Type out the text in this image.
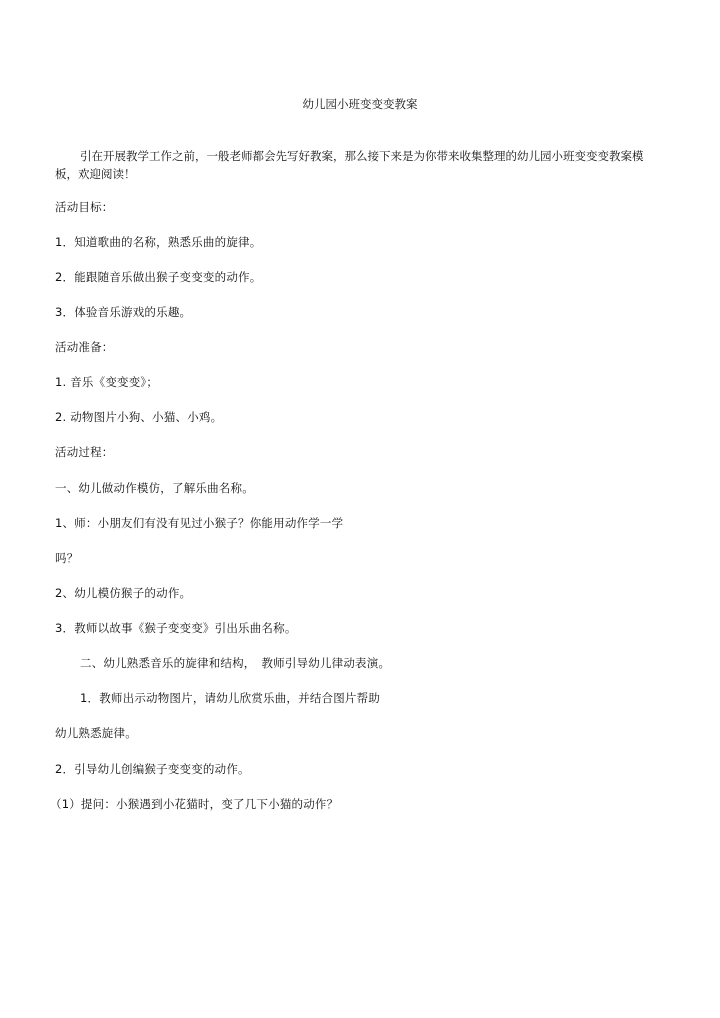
幼儿园小班变变变教案
引在开展教学工作之前，一般老师都会先写好教案，那么接下来是为你带来收集整理的幼儿园小班变变变教案模板，欢迎阅读！
活动目标：
1．知道歌曲的名称，熟悉乐曲的旋律。
2．能跟随音乐做出猴子变变变的动作。
3．体验音乐游戏的乐趣。
活动准备：
1. 音乐《变变变》；
2. 动物图片小狗、小猫、小鸡。
活动过程：
一、幼儿做动作模仿，了解乐曲名称。
1、师：小朋友们有没有见过小猴子？你能用动作学一学
吗？
2、幼儿模仿猴子的动作。
3．教师以故事《猴子变变变》引出乐曲名称。
二、幼儿熟悉音乐的旋律和结构，　教师引导幼儿律动表演。
1．教师出示动物图片，请幼儿欣赏乐曲，并结合图片帮助
幼儿熟悉旋律。
2．引导幼儿创编猴子变变变的动作。
（1）提问：小猴遇到小花猫时，变了几下小猫的动作？
